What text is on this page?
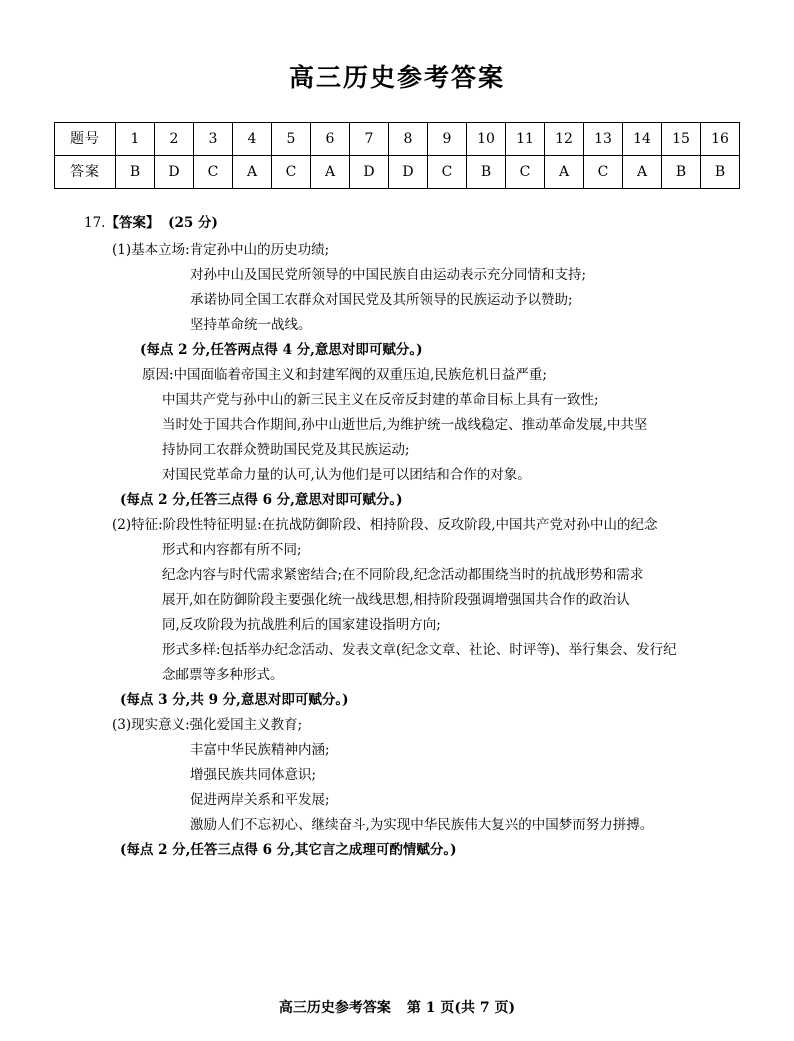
高三历史参考答案
题号	1	2	3	4	5	6	7	8	9	10	11	12	13	14	15	16
答案	B	D	C	A	C	A	D	D	C	B	C	A	C	A	B	B
17.【答案】 (25 分)
(1)基本立场:肯定孙中山的历史功绩;
对孙中山及国民党所领导的中国民族自由运动表示充分同情和支持;
承诺协同全国工农群众对国民党及其所领导的民族运动予以赞助;
坚持革命统一战线。
(每点 2 分,任答两点得 4 分,意思对即可赋分。)
原因:中国面临着帝国主义和封建军阀的双重压迫,民族危机日益严重;
中国共产党与孙中山的新三民主义在反帝反封建的革命目标上具有一致性;
当时处于国共合作期间,孙中山逝世后,为维护统一战线稳定、推动革命发展,中共坚
持协同工农群众赞助国民党及其民族运动;
对国民党革命力量的认可,认为他们是可以团结和合作的对象。
(每点 2 分,任答三点得 6 分,意思对即可赋分。)
(2)特征:阶段性特征明显:在抗战防御阶段、相持阶段、反攻阶段,中国共产党对孙中山的纪念
形式和内容都有所不同;
纪念内容与时代需求紧密结合;在不同阶段,纪念活动都围绕当时的抗战形势和需求
展开,如在防御阶段主要强化统一战线思想,相持阶段强调增强国共合作的政治认
同,反攻阶段为抗战胜利后的国家建设指明方向;
形式多样:包括举办纪念活动、发表文章(纪念文章、社论、时评等)、举行集会、发行纪
念邮票等多种形式。
(每点 3 分,共 9 分,意思对即可赋分。)
(3)现实意义:强化爱国主义教育;
丰富中华民族精神内涵;
增强民族共同体意识;
促进两岸关系和平发展;
激励人们不忘初心、继续奋斗,为实现中华民族伟大复兴的中国梦而努力拼搏。
(每点 2 分,任答三点得 6 分,其它言之成理可酌情赋分。)
高三历史参考答案 第 1 页(共 7 页)
